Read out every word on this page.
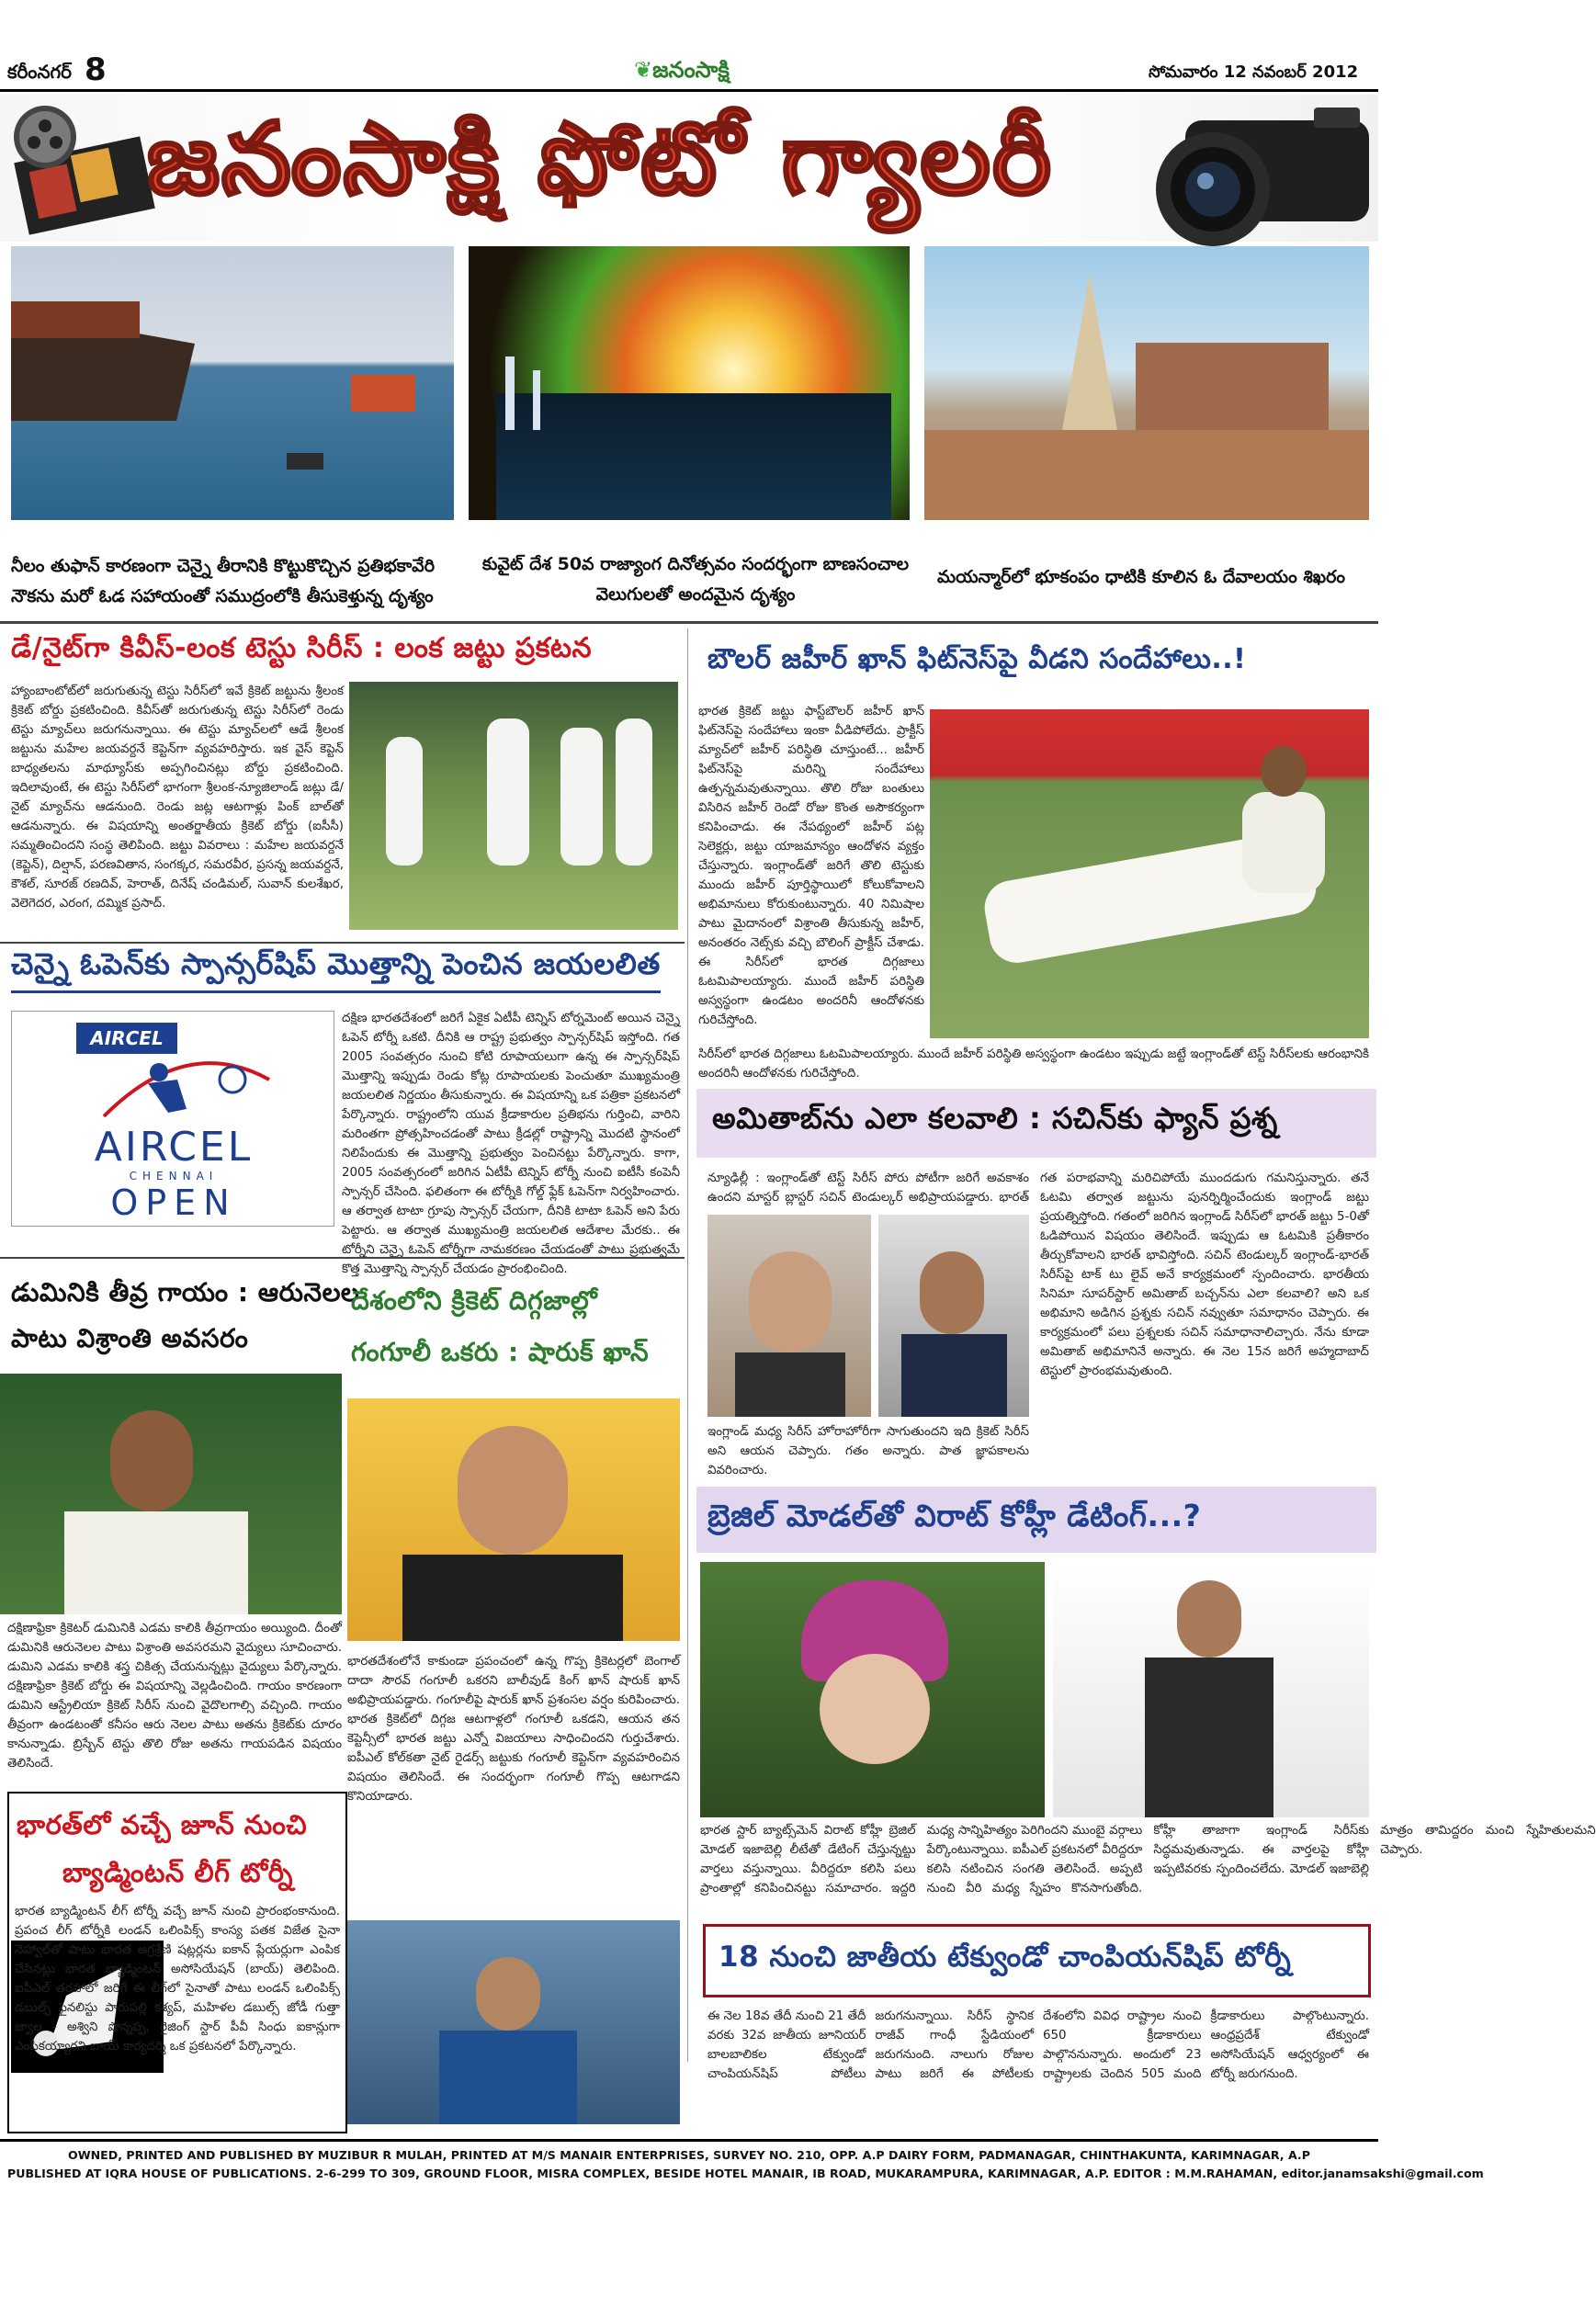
కరీంనగర్ 8	❦జనంసాక్షి	సోమవారం 12 నవంబర్ 2012
జనంసాక్షి ఫోటో గ్యాలరీ
నీలం తుఫాన్ కారణంగా చెన్నై తీరానికి కొట్టుకొచ్చిన ప్రతిభకావేరి
నౌకను మరో ఓడ సహాయంతో సముద్రంలోకి తీసుకెళ్తున్న దృశ్యం
కువైట్ దేశ 50వ రాజ్యాంగ దినోత్సవం సందర్భంగా బాణసంచాల
వెలుగులతో అందమైన దృశ్యం
మయన్మార్‌లో భూకంపం ధాటికి కూలిన ఓ దేవాలయం శిఖరం
డే/నైట్‌గా కివీస్-లంక టెస్టు సిరీస్ : లంక జట్టు ప్రకటన
హ్యాంబాంటోట్‌లో జరుగుతున్న టెస్టు సిరీస్‌లో ఇవే క్రికెట్ జట్టును శ్రీలంక క్రికెట్ బోర్డు ప్రకటించింది. కివీస్‌తో జరుగుతున్న టెస్టు సిరీస్‌లో రెండు టెస్టు మ్యాచ్‌లు జరుగనున్నాయి. ఈ టెస్టు మ్యాచ్‌లలో ఆడే శ్రీలంక జట్టును మహేల జయవర్దనే కెప్టెన్‌గా వ్యవహరిస్తారు. ఇక వైస్ కెప్టెన్ బాధ్యతలను మాథ్యూస్‌కు అప్పగించినట్లు బోర్డు ప్రకటించింది. ఇదిలావుంటే, ఈ టెస్టు సిరీస్‌లో భాగంగా శ్రీలంక-న్యూజిలాండ్ జట్లు డే/నైట్ మ్యాచ్‌ను ఆడనుంది. రెండు జట్ల ఆటగాళ్లు పింక్ బాల్‌తో ఆడనున్నారు. ఈ విషయాన్ని అంతర్జాతీయ క్రికెట్ బోర్డు (ఐసీసీ) సమ్మతించిందని సంస్థ తెలిపింది. జట్టు వివరాలు : మహేల జయవర్దనే (కెప్టెన్), దిల్షాన్, పరణవితాన, సంగక్కర, సమరవీర, ప్రసన్న జయవర్దనే, కౌశల్, సూరజ్ రణదివ్, హెరాత్, దినేష్ చండిమల్, సువాన్ కులశేఖర, వెలెగెదర, ఎరంగ, దమ్మిక ప్రసాద్.
బౌలర్ జహీర్ ఖాన్ ఫిట్‌నెస్‌పై వీడని సందేహాలు..!
భారత క్రికెట్ జట్టు ఫాస్ట్‌బౌలర్ జహీర్ ఖాన్ ఫిట్‌నెస్‌పై సందేహాలు ఇంకా వీడిపోలేదు. ప్రాక్టీస్ మ్యాచ్‌లో జహీర్ పరిస్థితి చూస్తుంటే... జహీర్ ఫిట్‌నెస్‌పై మరిన్ని సందేహాలు ఉత్పన్నమవుతున్నాయి. తొలి రోజు బంతులు విసిరిన జహీర్ రెండో రోజు కొంత అసౌకర్యంగా కనిపించాడు. ఈ నేపథ్యంలో జహీర్ పట్ల సెలెక్టర్లు, జట్టు యాజమాన్యం ఆందోళన వ్యక్తం చేస్తున్నారు. ఇంగ్లాండ్‌తో జరిగే తొలి టెస్టుకు ముందు జహీర్ పూర్తిస్థాయిలో కోలుకోవాలని అభిమానులు కోరుకుంటున్నారు. 40 నిమిషాల పాటు మైదానంలో విశ్రాంతి తీసుకున్న జహీర్, అనంతరం నెట్స్‌కు వచ్చి బౌలింగ్ ప్రాక్టీస్ చేశాడు. ఈ సిరీస్‌లో భారత దిగ్గజాలు ఓటమిపాలయ్యారు. ముందే జహీర్ పరిస్థితి అస్వస్థంగా ఉండటం అందరినీ ఆందోళనకు గురిచేస్తోంది.

సిరీస్‌లో భారత దిగ్గజాలు ఓటమిపాలయ్యారు. ముందే జహీర్ పరిస్థితి అస్వస్థంగా ఉండటం ఇప్పుడు జట్టే ఇంగ్లాండ్‌తో టెస్ట్ సిరీస్‌లకు ఆరంభానికి అందరినీ ఆందోళనకు గురిచేస్తోంది.

చెన్నై ఓపెన్‌కు స్పాన్సర్‌షిప్ మొత్తాన్ని పెంచిన జయలలిత
AIRCEL
AIRCEL
CHENNAI
OPEN
దక్షిణ భారతదేశంలో జరిగే ఏకైక ఏటీపీ టెన్నిస్ టోర్నమెంట్ అయిన చెన్నై ఓపెన్ టోర్నీ ఒకటి. దీనికి ఆ రాష్ట్ర ప్రభుత్వం స్పాన్సర్‌షిప్ ఇస్తోంది. గత 2005 సంవత్సరం నుంచి కోటి రూపాయలుగా ఉన్న ఈ స్పాన్సర్‌షిప్ మొత్తాన్ని ఇప్పుడు రెండు కోట్ల రూపాయలకు పెంచుతూ ముఖ్యమంత్రి జయలలిత నిర్ణయం తీసుకున్నారు. ఈ విషయాన్ని ఒక పత్రికా ప్రకటనలో పేర్కొన్నారు. రాష్ట్రంలోని యువ క్రీడాకారుల ప్రతిభను గుర్తించి, వారిని మరింతగా ప్రోత్సహించడంతో పాటు క్రీడల్లో రాష్ట్రాన్ని మొదటి స్థానంలో నిలిపేందుకు ఈ మొత్తాన్ని ప్రభుత్వం పెంచినట్టు పేర్కొన్నారు. కాగా, 2005 సంవత్సరంలో జరిగిన ఏటీపీ టెన్నిస్ టోర్నీ నుంచి ఐటీసీ కంపెనీ స్పాన్సర్ చేసింది. ఫలితంగా ఈ టోర్నీకి గోల్డ్ ఫ్లేక్ ఓపెన్‌గా నిర్వహించారు. ఆ తర్వాత టాటా గ్రూపు స్పాన్సర్ చేయగా, దీనికి టాటా ఓపెన్ అని పేరు పెట్టారు. ఆ తర్వాత ముఖ్యమంత్రి జయలలిత ఆదేశాల మేరకు.. ఈ టోర్నీని చెన్నై ఓపెన్ టోర్నీగా నామకరణం చేయడంతో పాటు ప్రభుత్వమే కొత్త మొత్తాన్ని స్పాన్సర్ చేయడం ప్రారంభించింది.
అమితాబ్‌ను ఎలా కలవాలి : సచిన్‌కు ఫ్యాన్ ప్రశ్న
న్యూఢిల్లీ : ఇంగ్లాండ్‌తో టెస్ట్ సిరీస్ పోరు పోటీగా జరిగే అవకాశం ఉందని మాస్టర్ బ్లాస్టర్ సచిన్ టెండుల్కర్ అభిప్రాయపడ్డారు. భారత్
ఇంగ్లాండ్ మధ్య సిరీస్ హోరాహోరీగా సాగుతుందని ఇది క్రికెట్ సిరీస్ అని ఆయన చెప్పారు. గతం అన్నారు. పాత జ్ఞాపకాలను వివరించారు.
గత పరాభవాన్ని మరిచిపోయే ముందడుగు గమనిస్తున్నారు. తనే ఓటమి తర్వాత జట్టును పునర్నిర్మించేందుకు ఇంగ్లాండ్ జట్టు ప్రయత్నిస్తోంది. గతంలో జరిగిన ఇంగ్లాండ్ సిరీస్‌లో భారత్ జట్టు 5-0తో ఓడిపోయిన విషయం తెలిసిందే. ఇప్పుడు ఆ ఓటమికి ప్రతీకారం తీర్చుకోవాలని భారత్ భావిస్తోంది. సచిన్ టెండుల్కర్ ఇంగ్లాండ్-భారత్ సిరీస్‌పై టాక్ టు లైవ్ అనే కార్యక్రమంలో స్పందించారు. భారతీయ సినిమా సూపర్‌స్టార్ అమితాబ్ బచ్చన్‌ను ఎలా కలవాలి? అని ఒక అభిమాని అడిగిన ప్రశ్నకు సచిన్ నవ్వుతూ సమాధానం చెప్పారు. ఈ కార్యక్రమంలో పలు ప్రశ్నలకు సచిన్ సమాధానాలిచ్చారు. నేను కూడా అమితాబ్ అభిమానినే అన్నారు. ఈ నెల 15న జరిగే అహ్మదాబాద్ టెస్టులో ప్రారంభమవుతుంది.
డుమినికి తీవ్ర గాయం : ఆరునెలల
పాటు విశ్రాంతి అవసరం
దక్షిణాఫ్రికా క్రికెటర్ డుమినికి ఎడమ కాలికి తీవ్రగాయం అయ్యింది. దీంతో డుమినికి ఆరునెలల పాటు విశ్రాంతి అవసరమని వైద్యులు సూచించారు. డుమిని ఎడమ కాలికి శస్త్ర చికిత్స చేయనున్నట్లు వైద్యులు పేర్కొన్నారు. దక్షిణాఫ్రికా క్రికెట్ బోర్డు ఈ విషయాన్ని వెల్లడించింది. గాయం కారణంగా డుమిని ఆస్ట్రేలియా క్రికెట్ సిరీస్ నుంచి వైదొలగాల్సి వచ్చింది. గాయం తీవ్రంగా ఉండటంతో కనీసం ఆరు నెలల పాటు అతను క్రికెట్‌కు దూరం కానున్నాడు. బ్రిస్బేన్ టెస్టు తొలి రోజు అతను గాయపడిన విషయం తెలిసిందే.
దేశంలోని క్రికెట్ దిగ్గజాల్లో
గంగూలీ ఒకరు : షారుక్ ఖాన్
భారతదేశంలోనే కాకుండా ప్రపంచంలో ఉన్న గొప్ప క్రికెటర్లలో బెంగాల్ దాదా సౌరవ్ గంగూలీ ఒకరని బాలీవుడ్ కింగ్ ఖాన్ షారుక్ ఖాన్ అభిప్రాయపడ్డారు. గంగూలీపై షారుక్ ఖాన్ ప్రశంసల వర్షం కురిపించారు. భారత క్రికెట్‌లో దిగ్గజ ఆటగాళ్లలో గంగూలీ ఒకడని, ఆయన తన కెప్టెన్సీలో భారత జట్టు ఎన్నో విజయాలు సాధించిందని గుర్తుచేశారు. ఐపీఎల్ కోల్‌కతా నైట్ రైడర్స్ జట్టుకు గంగూలీ కెప్టెన్‌గా వ్యవహరించిన విషయం తెలిసిందే. ఈ సందర్భంగా గంగూలీ గొప్ప ఆటగాడని కొనియాడారు.
బ్రెజిల్ మోడల్‌తో విరాట్ కోహ్లీ డేటింగ్...?
భారత స్టార్ బ్యాట్స్‌మెన్ విరాట్ కోహ్లీ బ్రెజిల్ మోడల్ ఇజాబెల్లి లీటేతో డేటింగ్ చేస్తున్నట్టు వార్తలు వస్తున్నాయి. వీరిద్దరూ కలిసి పలు ప్రాంతాల్లో కనిపించినట్టు సమాచారం. ఇద్దరి మధ్య సాన్నిహిత్యం పెరిగిందని ముంబై వర్గాలు పేర్కొంటున్నాయి. ఐపీఎల్ ప్రకటనలో వీరిద్దరూ కలిసి నటించిన సంగతి తెలిసిందే. అప్పటి నుంచి వీరి మధ్య స్నేహం కొనసాగుతోంది. కోహ్లీ తాజాగా ఇంగ్లాండ్ సిరీస్‌కు సిద్ధమవుతున్నాడు. ఈ వార్తలపై కోహ్లీ ఇప్పటివరకు స్పందించలేదు. మోడల్ ఇజాబెల్లి మాత్రం తామిద్దరం మంచి స్నేహితులమని చెప్పారు.
భారత్‌లో వచ్చే జూన్ నుంచి
బ్యాడ్మింటన్ లీగ్ టోర్నీ
భారత బ్యాడ్మింటన్ లీగ్ టోర్నీ వచ్చే జూన్ నుంచి ప్రారంభంకానుంది. ప్రపంచ లీగ్ టోర్నీకి లండన్ ఒలింపిక్స్ కాంస్య పతక విజేత సైనా నెహ్వాల్‌తో పాటు భారత అగ్రశ్రేణి షట్లర్లను ఐకాన్ ప్లేయర్లుగా ఎంపిక చేసినట్లు భారత బ్యాడ్మింటన్ అసోసియేషన్ (బాయ్) తెలిపింది. ఐపీఎల్ తరహాలో జరిగే ఈ లీగ్‌లో సైనాతో పాటు లండన్ ఒలింపిక్స్ డబుల్స్ ఫైనలిస్టు పారుపల్లి కశ్యప్, మహిళల డబుల్స్ జోడీ గుత్తా జ్వాల - అశ్విని పొన్నప్ప, రైజింగ్ స్టార్ పీవీ సింధు ఐకాన్లుగా ఎంపికయ్యారని బాయ్ కార్యదర్శి ఒక ప్రకటనలో పేర్కొన్నారు.
18 నుంచి జాతీయ టేక్వుండో చాంపియన్‌షిప్ టోర్నీ
ఈ నెల 18వ తేదీ నుంచి 21 తేదీ వరకు 32వ జాతీయ జూనియర్ బాలబాలికల టేక్వుండో చాంపియన్‌షిప్ పోటీలు జరుగనున్నాయి. సిరీస్ స్థానిక రాజీవ్ గాంధీ స్టేడియంలో జరుగనుంది. నాలుగు రోజుల పాటు జరిగే ఈ పోటీలకు దేశంలోని వివిధ రాష్ట్రాల నుంచి 650 క్రీడాకారులు పాల్గొననున్నారు. అందులో 23 రాష్ట్రాలకు చెందిన 505 మంది క్రీడాకారులు పాల్గొంటున్నారు. ఆంధ్రప్రదేశ్ టేక్వుండో అసోసియేషన్ ఆధ్వర్యంలో ఈ టోర్నీ జరుగనుంది.
OWNED, PRINTED AND PUBLISHED BY MUZIBUR R MULAH, PRINTED AT M/S MANAIR ENTERPRISES, SURVEY NO. 210, OPP. A.P DAIRY FORM, PADMANAGAR, CHINTHAKUNTA, KARIMNAGAR, A.P
PUBLISHED AT IQRA HOUSE OF PUBLICATIONS. 2-6-299 TO 309, GROUND FLOOR, MISRA COMPLEX, BESIDE HOTEL MANAIR, IB ROAD, MUKARAMPURA, KARIMNAGAR, A.P. EDITOR : M.M.RAHAMAN, editor.janamsakshi@gmail.com
